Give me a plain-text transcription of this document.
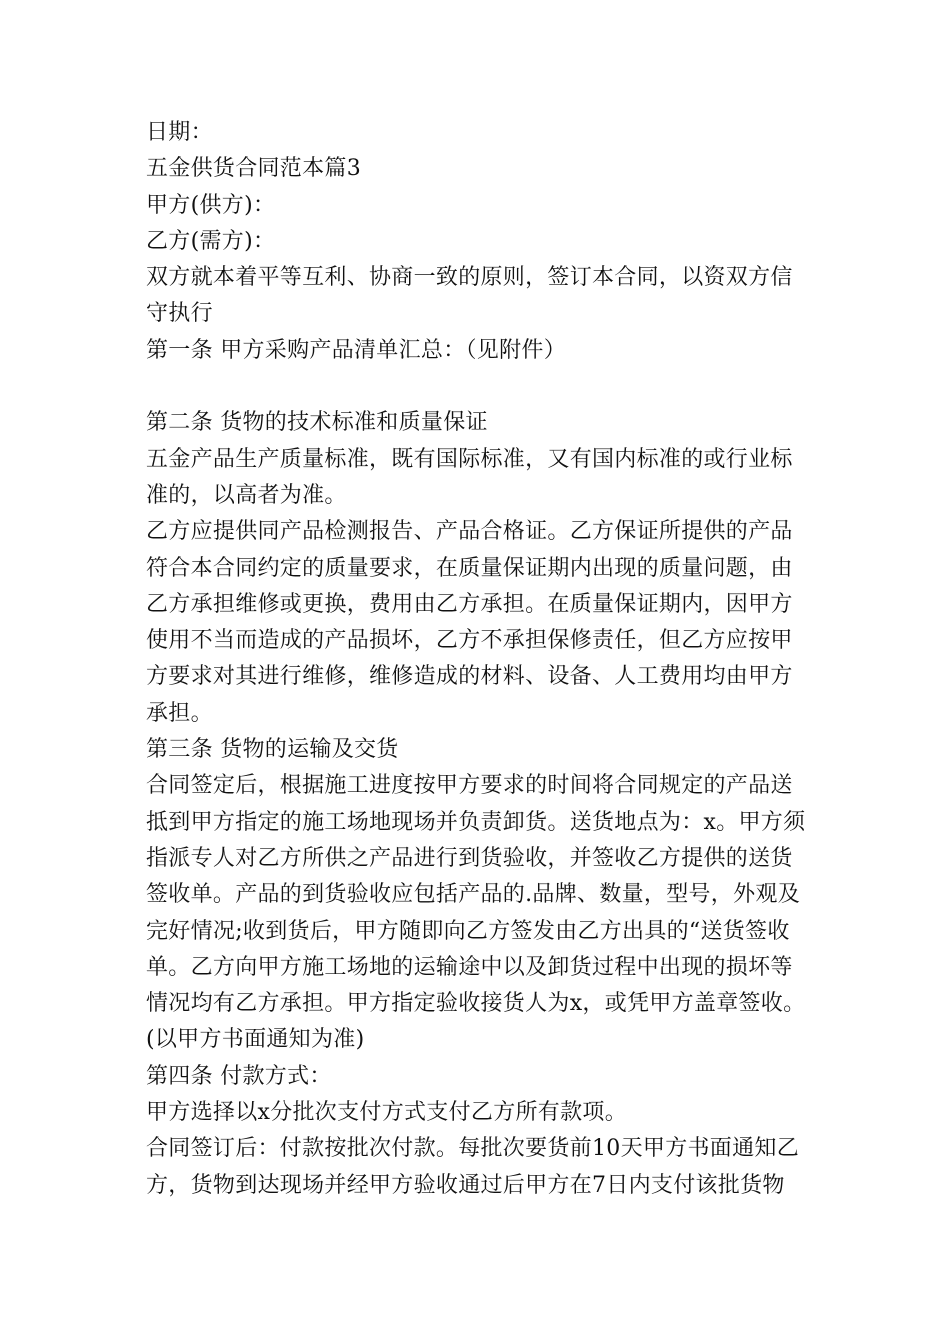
日期：
五金供货合同范本篇3
甲方(供方)：
乙方(需方)：
双方就本着平等互利、协商一致的原则，签订本合同，以资双方信
守执行
第一条 甲方采购产品清单汇总：（见附件）
第二条 货物的技术标准和质量保证
五金产品生产质量标准，既有国际标准，又有国内标准的或行业标
准的，以高者为准。
乙方应提供同产品检测报告、产品合格证。乙方保证所提供的产品
符合本合同约定的质量要求，在质量保证期内出现的质量问题，由
乙方承担维修或更换，费用由乙方承担。在质量保证期内，因甲方
使用不当而造成的产品损坏，乙方不承担保修责任，但乙方应按甲
方要求对其进行维修，维修造成的材料、设备、人工费用均由甲方
承担。
第三条 货物的运输及交货
合同签定后，根据施工进度按甲方要求的时间将合同规定的产品送
抵到甲方指定的施工场地现场并负责卸货。送货地点为：x。甲方须
指派专人对乙方所供之产品进行到货验收，并签收乙方提供的送货
签收单。产品的到货验收应包括产品的.品牌、数量，型号，外观及
完好情况;收到货后，甲方随即向乙方签发由乙方出具的“送货签收
单。乙方向甲方施工场地的运输途中以及卸货过程中出现的损坏等
情况均有乙方承担。甲方指定验收接货人为x，或凭甲方盖章签收。
(以甲方书面通知为准)
第四条 付款方式：
甲方选择以x分批次支付方式支付乙方所有款项。
合同签订后：付款按批次付款。每批次要货前10天甲方书面通知乙
方，货物到达现场并经甲方验收通过后甲方在7日内支付该批货物
